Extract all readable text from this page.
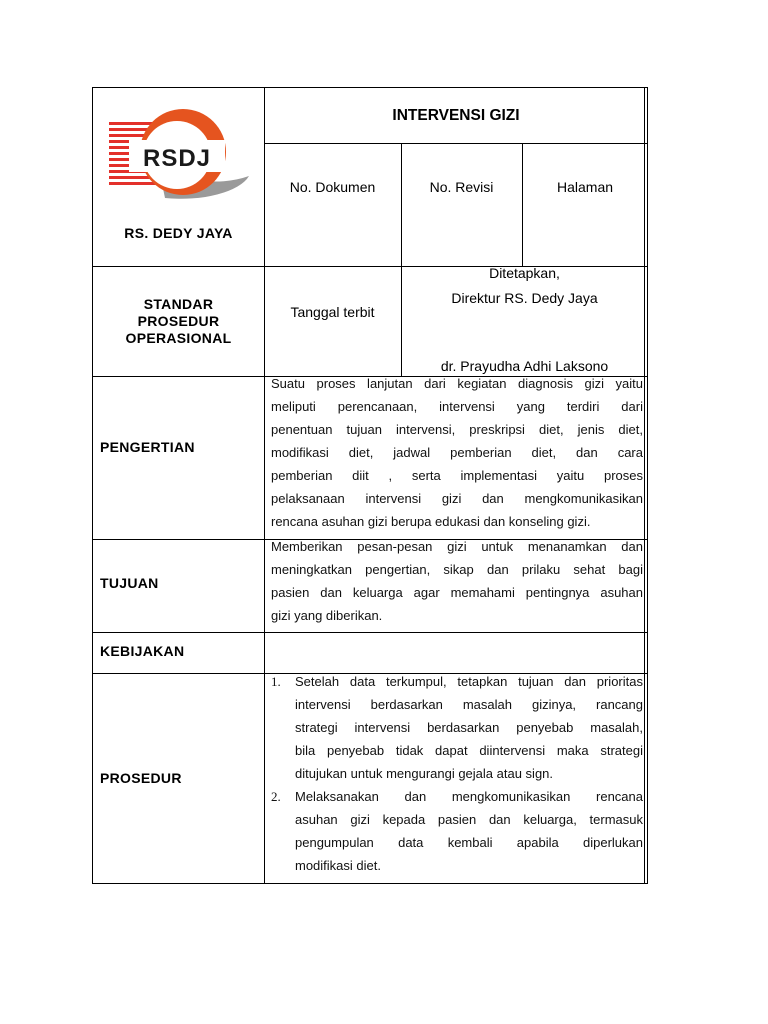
RSDJ
RS. DEDY JAYA
INTERVENSI GIZI
No. Dokumen	No. Revisi	Halaman
STANDAR
PROSEDUR
OPERASIONAL
Tanggal terbit
Ditetapkan,
Direktur RS. Dedy Jaya
dr. Prayudha Adhi Laksono
PENGERTIAN

Suatu proses lanjutan dari kegiatan diagnosis gizi yaitu

meliputi perencanaan, intervensi yang terdiri dari

penentuan tujuan intervensi, preskripsi diet, jenis diet,

modifikasi diet, jadwal pemberian diet, dan cara

pemberian diit , serta implementasi yaitu proses

pelaksanaan intervensi gizi dan mengkomunikasikan

rencana asuhan gizi berupa edukasi dan konseling gizi.

TUJUAN

Memberikan pesan-pesan gizi untuk menanamkan dan

meningkatkan pengertian, sikap dan prilaku sehat bagi

pasien dan keluarga agar memahami pentingnya asuhan

gizi yang diberikan.

KEBIJAKAN
PROSEDUR
1. Setelah data terkumpul, tetapkan tujuan dan prioritas

intervensi berdasarkan masalah gizinya, rancang

strategi intervensi berdasarkan penyebab masalah,

bila penyebab tidak dapat diintervensi maka strategi

ditujukan untuk mengurangi gejala atau sign.

2. Melaksanakan dan mengkomunikasikan rencana

asuhan gizi kepada pasien dan keluarga, termasuk

pengumpulan data kembali apabila diperlukan

modifikasi diet.
